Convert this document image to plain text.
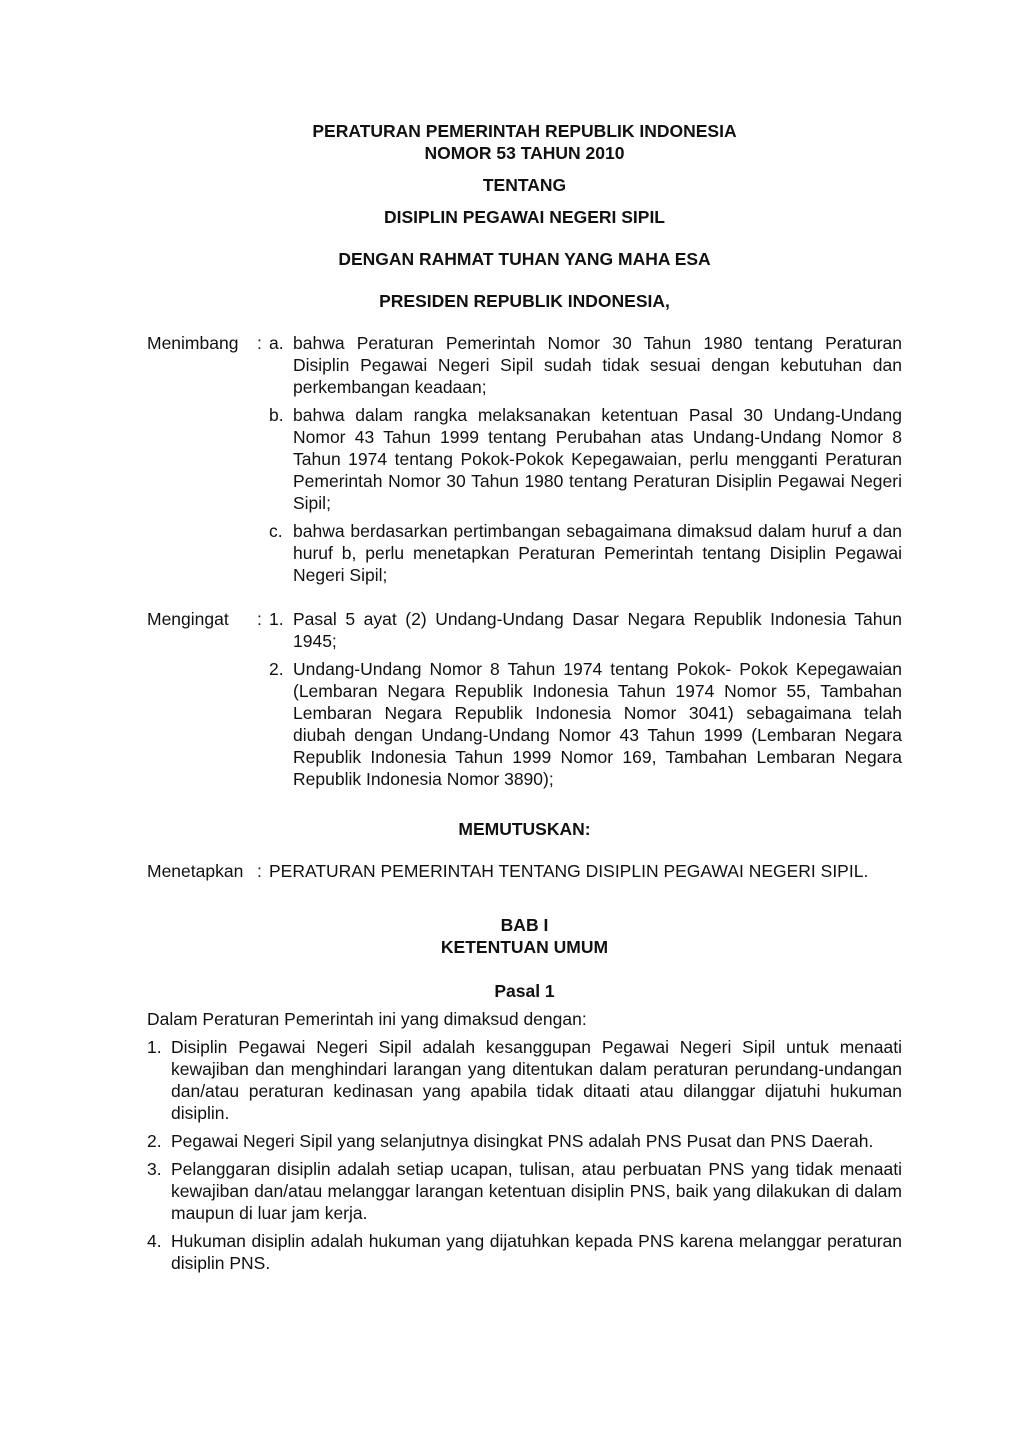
PERATURAN PEMERINTAH REPUBLIK INDONESIA
NOMOR 53 TAHUN 2010
TENTANG
DISIPLIN PEGAWAI NEGERI SIPIL
DENGAN RAHMAT TUHAN YANG MAHA ESA
PRESIDEN REPUBLIK INDONESIA,
Menimbang	: a. bahwa Peraturan Pemerintah Nomor 30 Tahun 1980 tentang Peraturan Disiplin Pegawai Negeri Sipil sudah tidak sesuai dengan kebutuhan dan perkembangan keadaan;
b. bahwa dalam rangka melaksanakan ketentuan Pasal 30 Undang-Undang Nomor 43 Tahun 1999 tentang Perubahan atas Undang-Undang Nomor 8 Tahun 1974 tentang Pokok-Pokok Kepegawaian, perlu mengganti Peraturan Pemerintah Nomor 30 Tahun 1980 tentang Peraturan Disiplin Pegawai Negeri Sipil;
c. bahwa berdasarkan pertimbangan sebagaimana dimaksud dalam huruf a dan huruf b, perlu menetapkan Peraturan Pemerintah tentang Disiplin Pegawai Negeri Sipil;
Mengingat	: 1. Pasal 5 ayat (2) Undang-Undang Dasar Negara Republik Indonesia Tahun 1945;
2. Undang-Undang Nomor 8 Tahun 1974 tentang Pokok- Pokok Kepegawaian (Lembaran Negara Republik Indonesia Tahun 1974 Nomor 55, Tambahan Lembaran Negara Republik Indonesia Nomor 3041) sebagaimana telah diubah dengan Undang-Undang Nomor 43 Tahun 1999 (Lembaran Negara Republik Indonesia Tahun 1999 Nomor 169, Tambahan Lembaran Negara Republik Indonesia Nomor 3890);
MEMUTUSKAN:
Menetapkan : PERATURAN PEMERINTAH TENTANG DISIPLIN PEGAWAI NEGERI SIPIL.
BAB I
KETENTUAN UMUM
Pasal 1
Dalam Peraturan Pemerintah ini yang dimaksud dengan:
1. Disiplin Pegawai Negeri Sipil adalah kesanggupan Pegawai Negeri Sipil untuk menaati kewajiban dan menghindari larangan yang ditentukan dalam peraturan perundang-undangan dan/atau peraturan kedinasan yang apabila tidak ditaati atau dilanggar dijatuhi hukuman disiplin.
2. Pegawai Negeri Sipil yang selanjutnya disingkat PNS adalah PNS Pusat dan PNS Daerah.
3. Pelanggaran disiplin adalah setiap ucapan, tulisan, atau perbuatan PNS yang tidak menaati kewajiban dan/atau melanggar larangan ketentuan disiplin PNS, baik yang dilakukan di dalam maupun di luar jam kerja.
4. Hukuman disiplin adalah hukuman yang dijatuhkan kepada PNS karena melanggar peraturan disiplin PNS.
